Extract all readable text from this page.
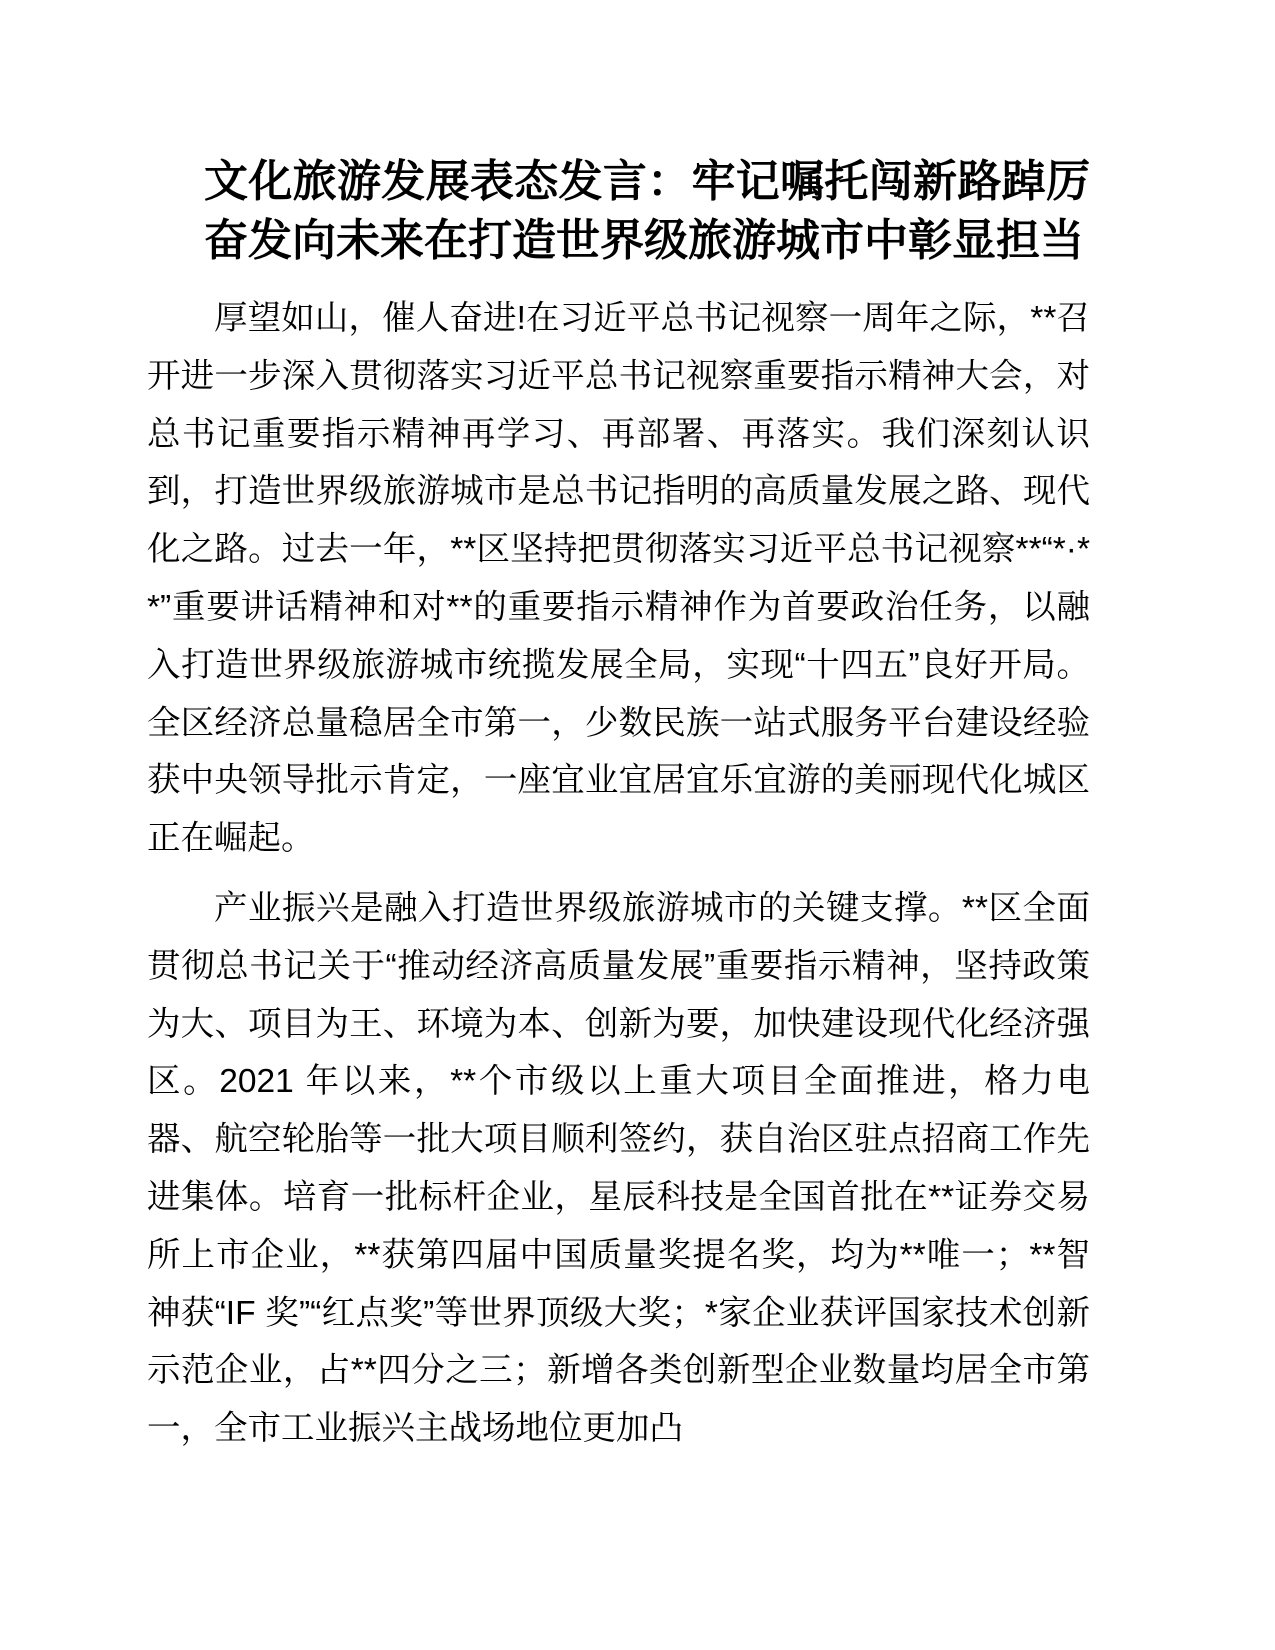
文化旅游发展表态发言：牢记嘱托闯新路踔厉奋发向未来在打造世界级旅游城市中彰显担当

厚望如山，催人奋进!在习近平总书记视察一周年之际，**召开进一步深入贯彻落实习近平总书记视察重要指示精神大会，对总书记重要指示精神再学习、再部署、再落实。我们深刻认识到，打造世界级旅游城市是总书记指明的高质量发展之路、现代化之路。过去一年，**区坚持把贯彻落实习近平总书记视察**“*·**”重要讲话精神和对**的重要指示精神作为首要政治任务，以融入打造世界级旅游城市统揽发展全局，实现“十四五”良好开局。全区经济总量稳居全市第一，少数民族一站式服务平台建设经验获中央领导批示肯定，一座宜业宜居宜乐宜游的美丽现代化城区正在崛起。

产业振兴是融入打造世界级旅游城市的关键支撑。**区全面贯彻总书记关于“推动经济高质量发展”重要指示精神，坚持政策为大、项目为王、环境为本、创新为要，加快建设现代化经济强区。2021 年以来，**个市级以上重大项目全面推进，格力电器、航空轮胎等一批大项目顺利签约，获自治区驻点招商工作先进集体。培育一批标杆企业，星辰科技是全国首批在**证券交易所上市企业，**获第四届中国质量奖提名奖，均为**唯一；**智神获“IF 奖”“红点奖”等世界顶级大奖；*家企业获评国家技术创新示范企业，占**四分之三；新增各类创新型企业数量均居全市第一，全市工业振兴主战场地位更加凸
